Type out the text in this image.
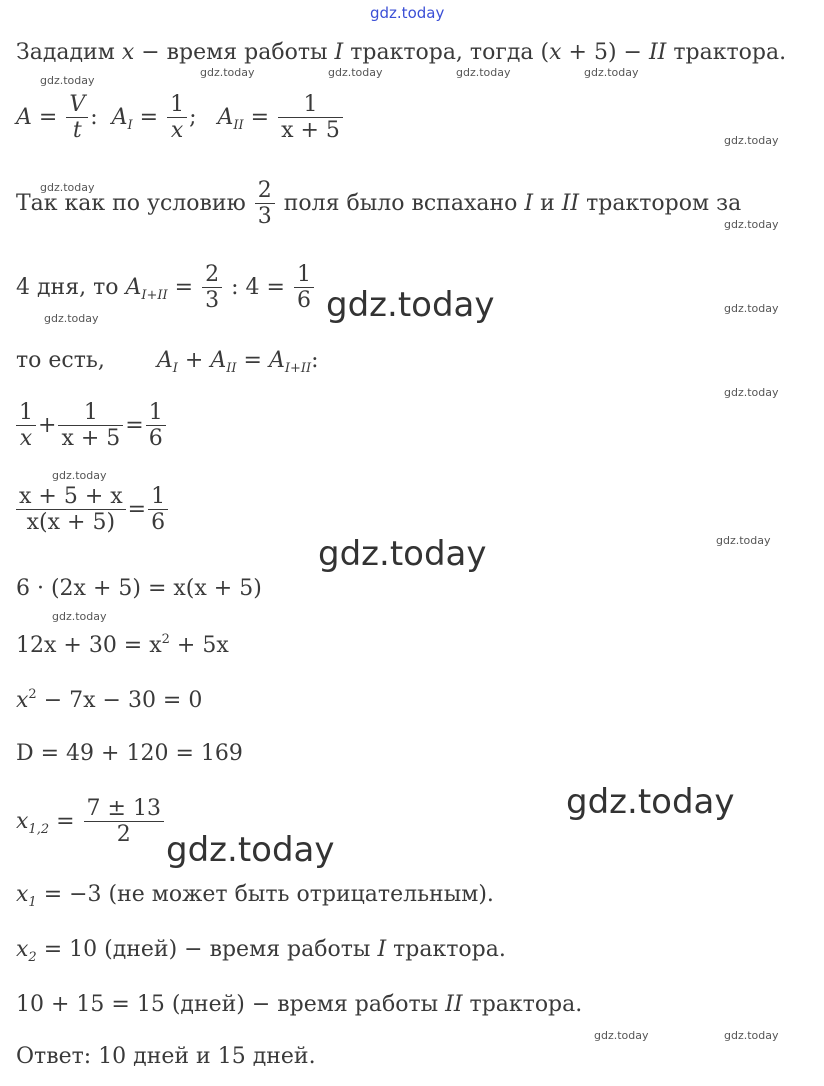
gdz.today
gdz.today
gdz.today	gdz.today	gdz.today	gdz.today
gdz.today
gdz.today
gdz.today
gdz.today
gdz.today
gdz.today
gdz.today
gdz.today
gdz.today
gdz.today	gdz.today
gdz.today
gdz.today
gdz.today
gdz.today
Зададим x − время работы I трактора, тогда (x + 5) − II трактора.
$A = \frac{V}{t}$ : $A_I = \frac{1}{x}$ ; $A_{II} = \frac{1}{x + 5}$
Так как по условию $\frac{2}{3}$ поля было вспахано I и II трактором за
4 дня, то $A_{I+II} = \frac{2}{3}$ : $4 = \frac{1}{6}$
то есть, $A_I + A_{II} = A_{I+II}$:
$\frac{1}{x} + \frac{1}{x + 5} = \frac{1}{6}$
$\frac{x + 5 + x}{x(x + 5)} = \frac{1}{6}$
6 · (2x + 5) = x(x + 5)
$12x + 30 = x^2 + 5x$
$x^2 - 7x - 30 = 0$
D = 49 + 120 = 169
$x_{1,2} = \frac{7 \pm 13}{2}$
$x_1 = -3$ (не может быть отрицательным).
$x_2 = 10$ (дней) − время работы I трактора.
10 + 15 = 15 (дней) − время работы II трактора.
Ответ: 10 дней и 15 дней.
